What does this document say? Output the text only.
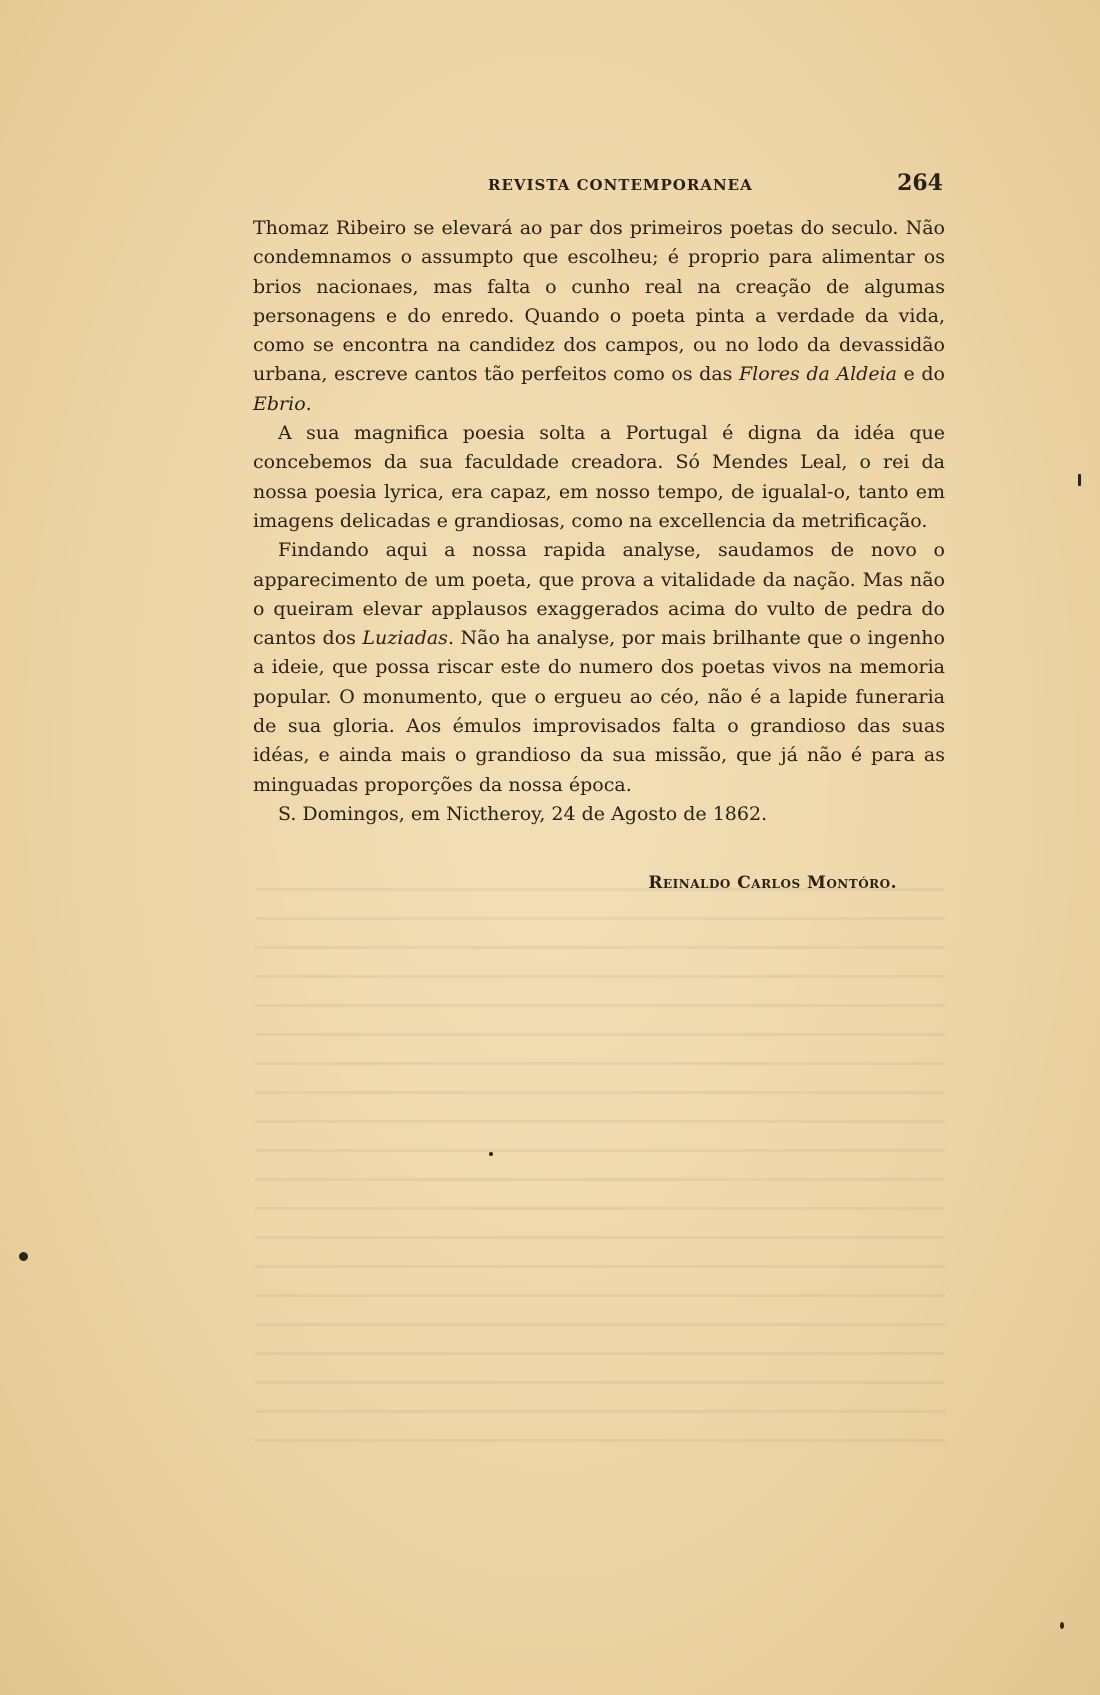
REVISTA CONTEMPORANEA	264

Thomaz Ribeiro se elevará ao par dos primeiros poetas do seculo. Não condemnamos o assumpto que escolheu; é proprio para alimentar os brios nacionaes, mas falta o cunho real na creação de algumas personagens e do enredo. Quando o poeta pinta a verdade da vida, como se encontra na candidez dos campos, ou no lodo da devassidão urbana, escreve cantos tão perfeitos como os das Flores da Aldeia e do Ebrio.

A sua magnifica poesia solta a Portugal é digna da idéa que concebemos da sua faculdade creadora. Só Mendes Leal, o rei da nossa poesia lyrica, era capaz, em nosso tempo, de igualal-o, tanto em imagens delicadas e grandiosas, como na excellencia da metrificação.

Findando aqui a nossa rapida analyse, saudamos de novo o apparecimento de um poeta, que prova a vitalidade da nação. Mas não o queiram elevar applausos exaggerados acima do vulto de pedra do cantos dos Luziadas. Não ha analyse, por mais brilhante que o ingenho a ideie, que possa riscar este do numero dos poetas vivos na memoria popular. O monumento, que o ergueu ao céo, não é a lapide funeraria de sua gloria. Aos émulos improvisados falta o grandioso das suas idéas, e ainda mais o grandioso da sua missão, que já não é para as minguadas proporções da nossa época.

S. Domingos, em Nictheroy, 24 de Agosto de 1862.

Reinaldo Carlos Montóro.
